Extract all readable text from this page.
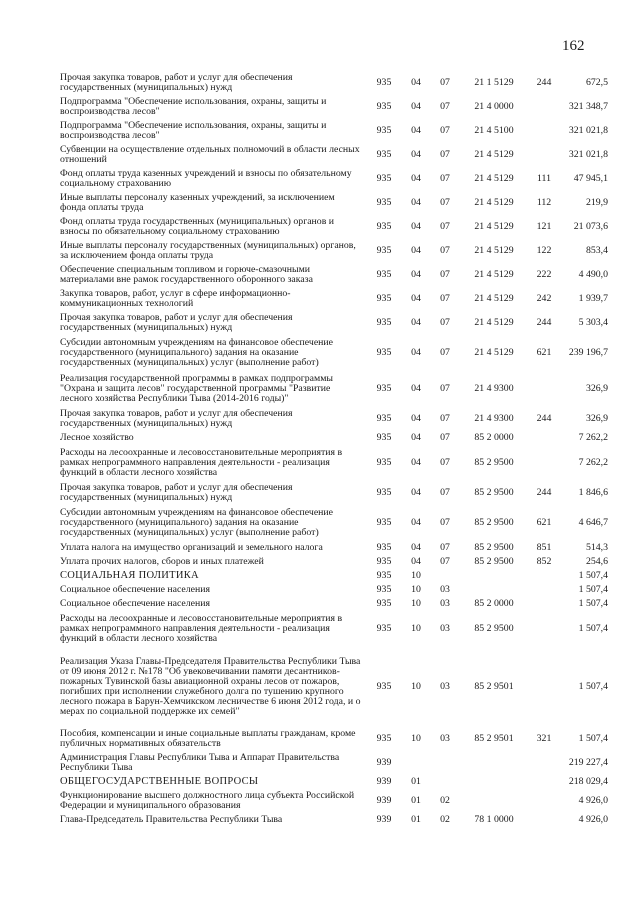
162
Прочая закупка товаров, работ и услуг для обеспечения государственных (муниципальных) нужд	935	04	07	21 1 5129	244	672,5
Подпрограмма "Обеспечение использования, охраны, защиты и воспроизводства лесов"	935	04	07	21 4 0000		321 348,7
Подпрограмма "Обеспечение использования, охраны, защиты и воспроизводства лесов"	935	04	07	21 4 5100		321 021,8
Субвенции на осуществление отдельных полномочий в области лесных отношений	935	04	07	21 4 5129		321 021,8
Фонд оплаты труда казенных учреждений и взносы по обязательному социальному страхованию	935	04	07	21 4 5129	111	47 945,1
Иные выплаты персоналу казенных учреждений, за исключением фонда оплаты труда	935	04	07	21 4 5129	112	219,9
Фонд оплаты труда государственных (муниципальных) органов и взносы по обязательному социальному страхованию	935	04	07	21 4 5129	121	21 073,6
Иные выплаты персоналу государственных (муниципальных) органов, за исключением фонда оплаты труда	935	04	07	21 4 5129	122	853,4
Обеспечение специальным топливом и горюче-смазочными материалами вне рамок государственного оборонного заказа	935	04	07	21 4 5129	222	4 490,0
Закупка товаров, работ, услуг в сфере информационно-коммуникационных технологий	935	04	07	21 4 5129	242	1 939,7
Прочая закупка товаров, работ и услуг для обеспечения государственных (муниципальных) нужд	935	04	07	21 4 5129	244	5 303,4
Субсидии автономным учреждениям на финансовое обеспечение государственного (муниципального) задания на оказание государственных (муниципальных) услуг (выполнение работ)	935	04	07	21 4 5129	621	239 196,7
Реализация государственной программы в рамках подпрограммы "Охрана и защита лесов" государственной программы "Развитие лесного хозяйства Республики Тыва (2014-2016 годы)"	935	04	07	21 4 9300		326,9
Прочая закупка товаров, работ и услуг для обеспечения государственных (муниципальных) нужд	935	04	07	21 4 9300	244	326,9
Лесное хозяйство	935	04	07	85 2 0000		7 262,2
Расходы на лесоохранные и лесовосстановительные мероприятия в рамках непрограммного направления деятельности - реализация функций в области лесного хозяйства	935	04	07	85 2 9500		7 262,2
Прочая закупка товаров, работ и услуг для обеспечения государственных (муниципальных) нужд	935	04	07	85 2 9500	244	1 846,6
Субсидии автономным учреждениям на финансовое обеспечение государственного (муниципального) задания на оказание государственных (муниципальных) услуг (выполнение работ)	935	04	07	85 2 9500	621	4 646,7
Уплата налога на имущество организаций и земельного налога	935	04	07	85 2 9500	851	514,3
Уплата прочих налогов, сборов и иных платежей	935	04	07	85 2 9500	852	254,6
СОЦИАЛЬНАЯ ПОЛИТИКА	935	10				1 507,4
Социальное обеспечение населения	935	10	03			1 507,4
Социальное обеспечение населения	935	10	03	85 2 0000		1 507,4
Расходы на лесоохранные и лесовосстановительные мероприятия в рамках непрограммного направления деятельности - реализация функций в области лесного хозяйства	935	10	03	85 2 9500		1 507,4
Реализация Указа Главы-Председателя Правительства Республики Тыва от 09 июня 2012 г. №178 "Об увековечивании памяти десантников-пожарных Тувинской базы авиационной охраны лесов от пожаров, погибших при исполнении служебного долга по тушению крупного лесного пожара в Барун-Хемчикском лесничестве 6 июня 2012 года, и о мерах по социальной поддержке их семей"	935	10	03	85 2 9501		1 507,4
Пособия, компенсации и иные социальные выплаты гражданам, кроме публичных нормативных обязательств	935	10	03	85 2 9501	321	1 507,4
Администрация Главы Республики Тыва и Аппарат Правительства Республики Тыва	939					219 227,4
ОБЩЕГОСУДАРСТВЕННЫЕ ВОПРОСЫ	939	01				218 029,4
Функционирование высшего должностного лица субъекта Российской Федерации и муниципального образования	939	01	02			4 926,0
Глава-Председатель Правительства Республики Тыва	939	01	02	78 1 0000		4 926,0
